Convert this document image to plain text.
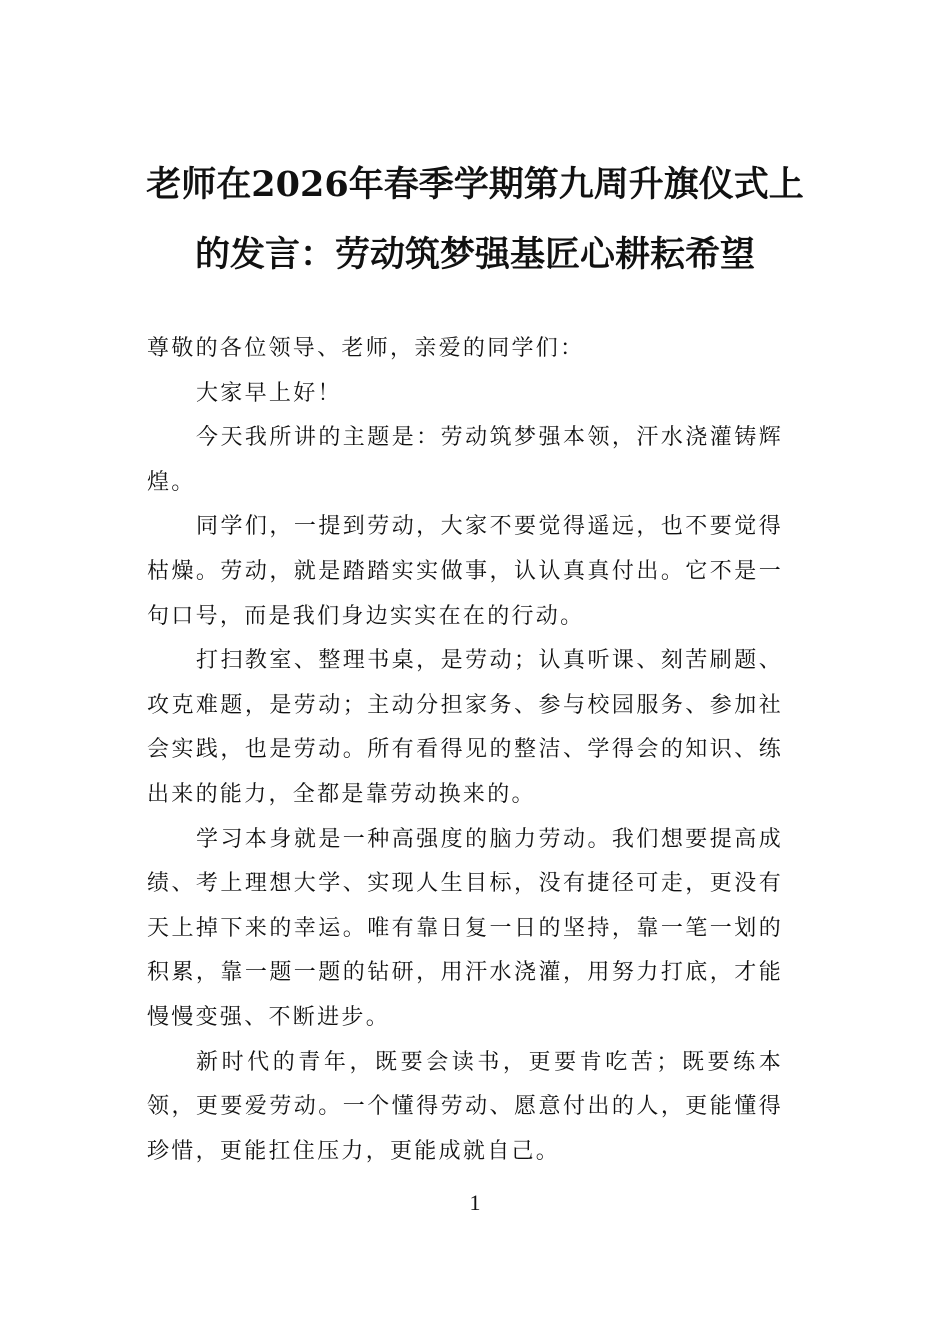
老师在2026年春季学期第九周升旗仪式上
的发言：劳动筑梦强基匠心耕耘希望

尊敬的各位领导、老师，亲爱的同学们：

大家早上好！

今天我所讲的主题是：劳动筑梦强本领，汗水浇灌铸辉煌。

同学们，一提到劳动，大家不要觉得遥远，也不要觉得枯燥。劳动，就是踏踏实实做事，认认真真付出。它不是一句口号，而是我们身边实实在在的行动。

打扫教室、整理书桌，是劳动；认真听课、刻苦刷题、攻克难题，是劳动；主动分担家务、参与校园服务、参加社会实践，也是劳动。所有看得见的整洁、学得会的知识、练出来的能力，全都是靠劳动换来的。

学习本身就是一种高强度的脑力劳动。我们想要提高成绩、考上理想大学、实现人生目标，没有捷径可走，更没有天上掉下来的幸运。唯有靠日复一日的坚持，靠一笔一划的积累，靠一题一题的钻研，用汗水浇灌，用努力打底，才能慢慢变强、不断进步。

新时代的青年，既要会读书，更要肯吃苦；既要练本领，更要爱劳动。一个懂得劳动、愿意付出的人，更能懂得珍惜，更能扛住压力，更能成就自己。

1
